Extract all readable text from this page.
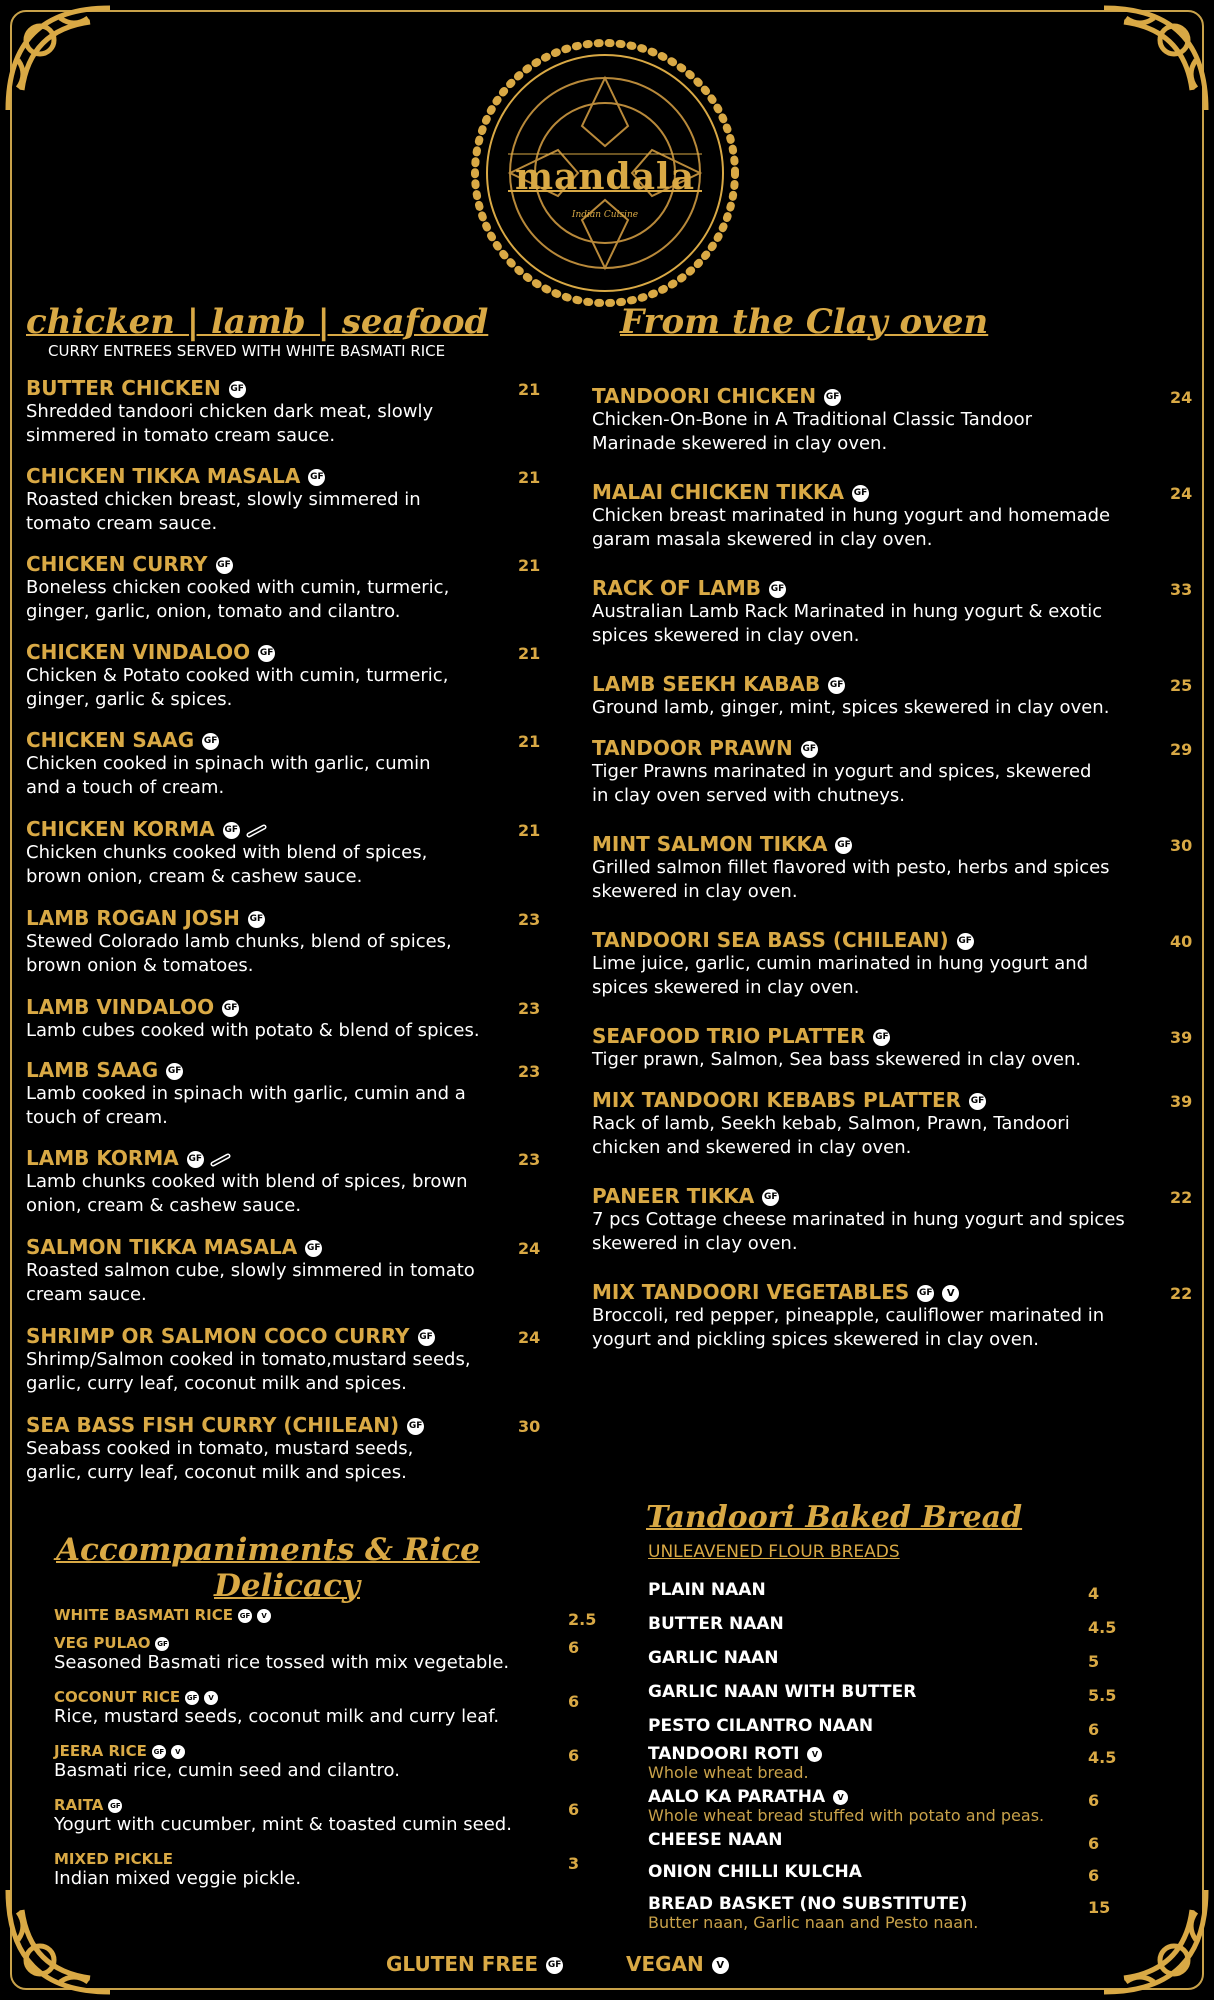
mandala
Indian Cuisine
chicken | lamb | seafood
CURRY ENTREES SERVED WITH WHITE BASMATI RICE
From the Clay oven
BUTTER CHICKEN GF
Shredded tandoori chicken dark meat, slowly
simmered in tomato cream sauce.
21
CHICKEN TIKKA MASALA GF
Roasted chicken breast, slowly simmered in
tomato cream sauce.
21
CHICKEN CURRY GF
Boneless chicken cooked with cumin, turmeric,
ginger, garlic, onion, tomato and cilantro.
21
CHICKEN VINDALOO GF
Chicken & Potato cooked with cumin, turmeric,
ginger, garlic & spices.
21
CHICKEN SAAG GF
Chicken cooked in spinach with garlic, cumin
and a touch of cream.
21
CHICKEN KORMA GF
Chicken chunks cooked with blend of spices,
brown onion, cream & cashew sauce.
21
LAMB ROGAN JOSH GF
Stewed Colorado lamb chunks, blend of spices,
brown onion & tomatoes.
23
LAMB VINDALOO GF
Lamb cubes cooked with potato & blend of spices.
23
LAMB SAAG GF
Lamb cooked in spinach with garlic, cumin and a
touch of cream.
23
LAMB KORMA GF
Lamb chunks cooked with blend of spices, brown
onion, cream & cashew sauce.
23
SALMON TIKKA MASALA GF
Roasted salmon cube, slowly simmered in tomato
cream sauce.
24
SHRIMP OR SALMON COCO CURRY GF
Shrimp/Salmon cooked in tomato,mustard seeds,
garlic, curry leaf, coconut milk and spices.
24
SEA BASS FISH CURRY (CHILEAN) GF
Seabass cooked in tomato, mustard seeds,
garlic, curry leaf, coconut milk and spices.
30
TANDOORI CHICKEN GF
Chicken-On-Bone in A Traditional Classic Tandoor
Marinade skewered in clay oven.
24
MALAI CHICKEN TIKKA GF
Chicken breast marinated in hung yogurt and homemade
garam masala skewered in clay oven.
24
RACK OF LAMB GF
Australian Lamb Rack Marinated in hung yogurt & exotic
spices skewered in clay oven.
33
LAMB SEEKH KABAB GF
Ground lamb, ginger, mint, spices skewered in clay oven.
25
TANDOOR PRAWN GF
Tiger Prawns marinated in yogurt and spices, skewered
in clay oven served with chutneys.
29
MINT SALMON TIKKA GF
Grilled salmon fillet flavored with pesto, herbs and spices
skewered in clay oven.
30
TANDOORI SEA BASS (CHILEAN) GF
Lime juice, garlic, cumin marinated in hung yogurt and
spices skewered in clay oven.
40
SEAFOOD TRIO PLATTER GF
Tiger prawn, Salmon, Sea bass skewered in clay oven.
39
MIX TANDOORI KEBABS PLATTER GF
Rack of lamb, Seekh kebab, Salmon, Prawn, Tandoori
chicken and skewered in clay oven.
39
PANEER TIKKA GF
7 pcs Cottage cheese marinated in hung yogurt and spices
skewered in clay oven.
22
MIX TANDOORI VEGETABLES GF V
Broccoli, red pepper, pineapple, cauliflower marinated in
yogurt and pickling spices skewered in clay oven.
22
Accompaniments & Rice
Delicacy
WHITE BASMATI RICE GF V	2.5
VEG PULAO GF
Seasoned Basmati rice tossed with mix vegetable.
6
COCONUT RICE GF V
Rice, mustard seeds, coconut milk and curry leaf.
6
JEERA RICE GF V
Basmati rice, cumin seed and cilantro.
6
RAITA GF
Yogurt with cucumber, mint & toasted cumin seed.
6
MIXED PICKLE
Indian mixed veggie pickle.
3
Tandoori Baked Bread
UNLEAVENED FLOUR BREADS
PLAIN NAAN	4
BUTTER NAAN	4.5
GARLIC NAAN	5
GARLIC NAAN WITH BUTTER	5.5
PESTO CILANTRO NAAN	6
TANDOORI ROTI V
Whole wheat bread.
4.5
AALO KA PARATHA V
Whole wheat bread stuffed with potato and peas.
6
CHEESE NAAN	6
ONION CHILLI KULCHA	6
BREAD BASKET (NO SUBSTITUTE)
Butter naan, Garlic naan and Pesto naan.
15
GLUTEN FREE GF	VEGAN V
